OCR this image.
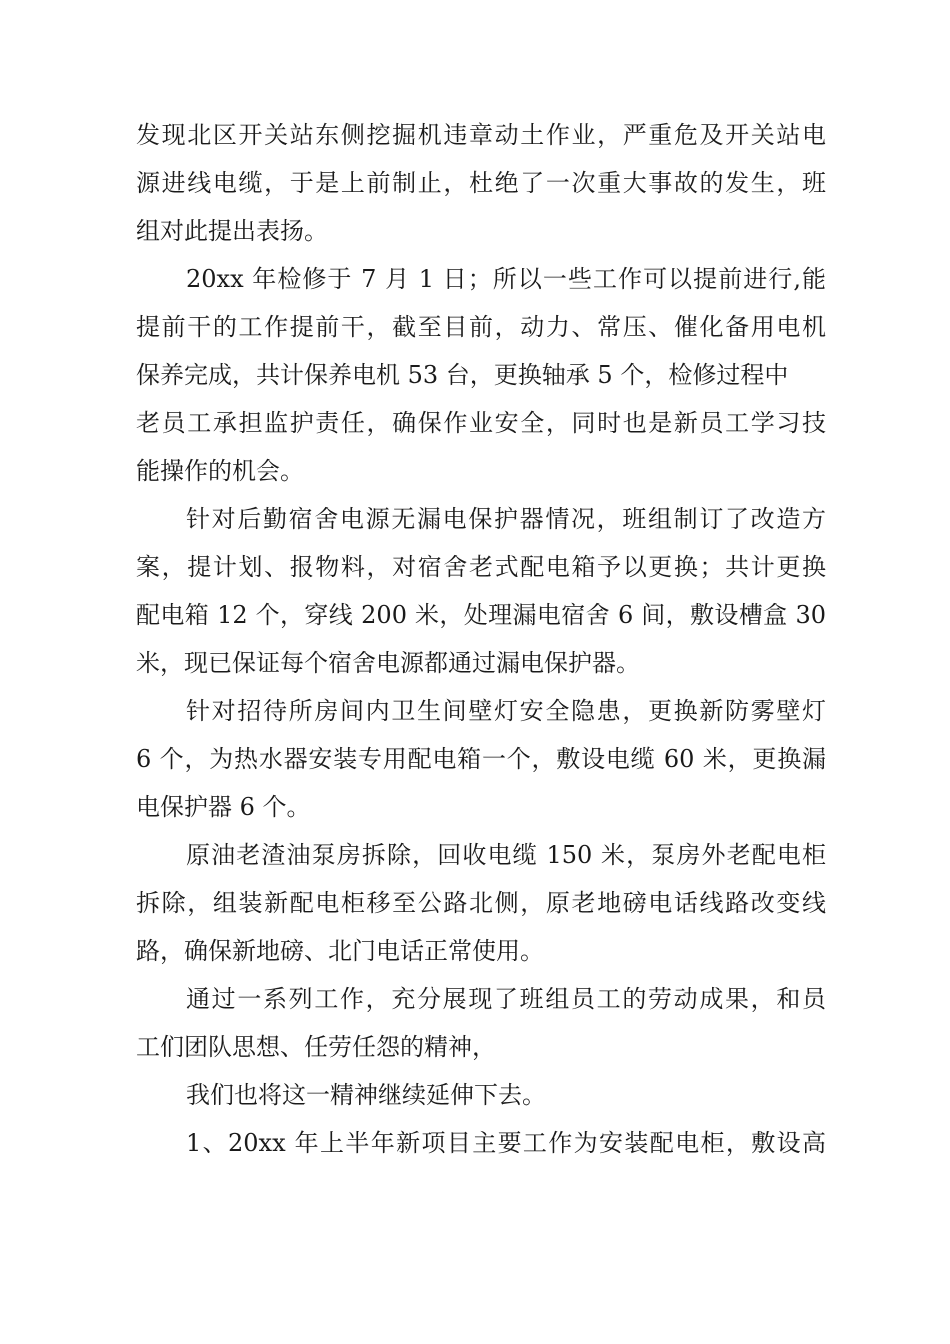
发现北区开关站东侧挖掘机违章动土作业，严重危及开关站电
源进线电缆，于是上前制止，杜绝了一次重大事故的发生，班
组对此提出表扬。
20xx 年检修于 7 月 1 日；所以一些工作可以提前进行,能
提前干的工作提前干，截至目前，动力、常压、催化备用电机
保养完成，共计保养电机 53 台，更换轴承 5 个，检修过程中
老员工承担监护责任，确保作业安全，同时也是新员工学习技
能操作的机会。
针对后勤宿舍电源无漏电保护器情况，班组制订了改造方
案，提计划、报物料，对宿舍老式配电箱予以更换；共计更换
配电箱 12 个，穿线 200 米，处理漏电宿舍 6 间，敷设槽盒 30
米，现已保证每个宿舍电源都通过漏电保护器。
针对招待所房间内卫生间壁灯安全隐患，更换新防雾壁灯
6 个，为热水器安装专用配电箱一个，敷设电缆 60 米，更换漏
电保护器 6 个。
原油老渣油泵房拆除，回收电缆 150 米，泵房外老配电柜
拆除，组装新配电柜移至公路北侧，原老地磅电话线路改变线
路，确保新地磅、北门电话正常使用。
通过一系列工作，充分展现了班组员工的劳动成果，和员
工们团队思想、任劳任怨的精神，
我们也将这一精神继续延伸下去。
1、20xx 年上半年新项目主要工作为安装配电柜，敷设高
